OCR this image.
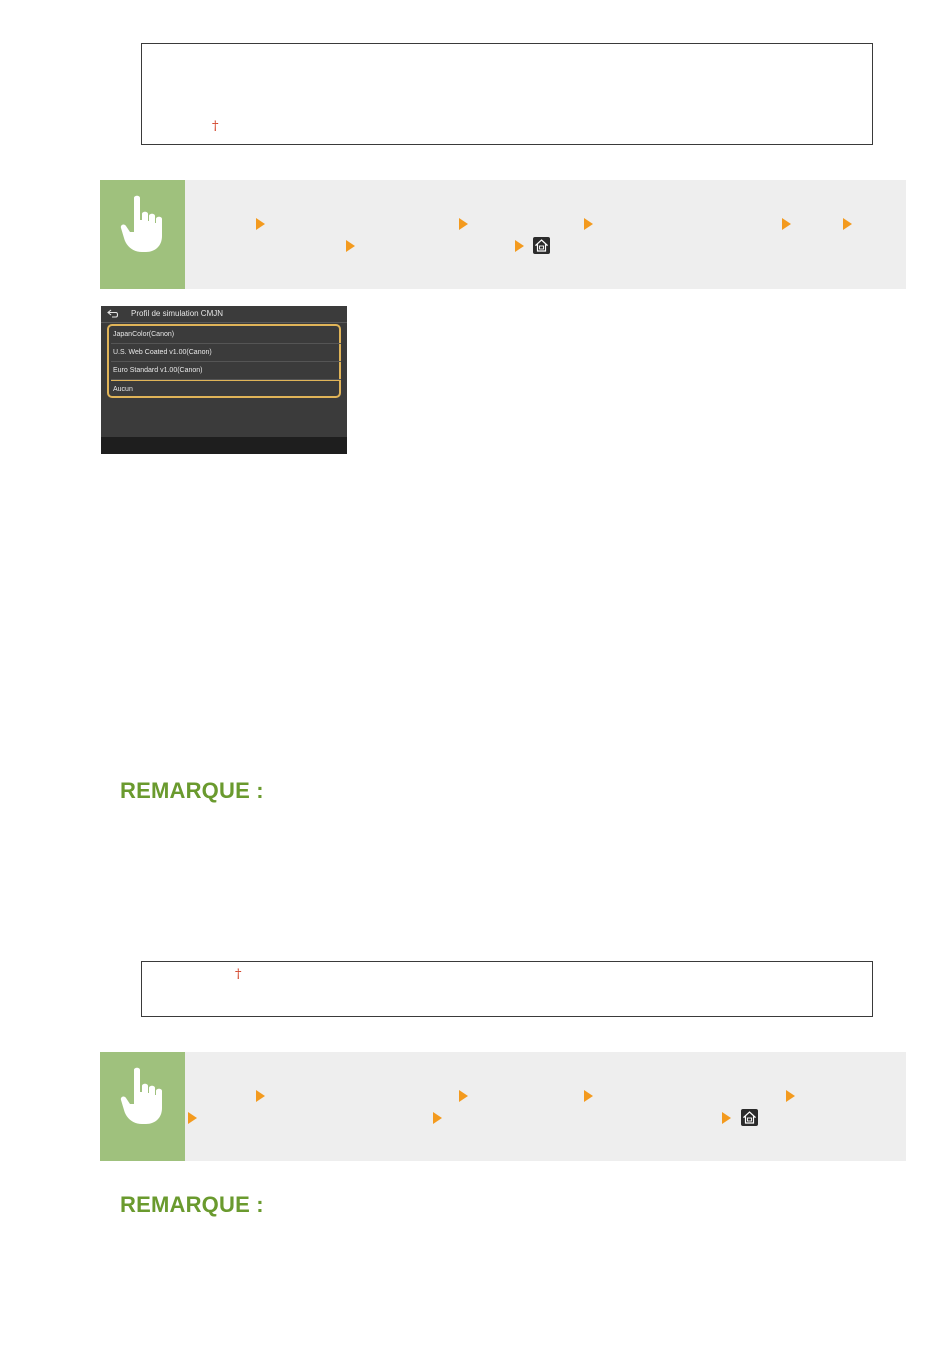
†
Profil de simulation CMJN
JapanColor(Canon)
U.S. Web Coated v1.00(Canon)
Euro Standard v1.00(Canon)
Aucun
REMARQUE :
†
REMARQUE :
